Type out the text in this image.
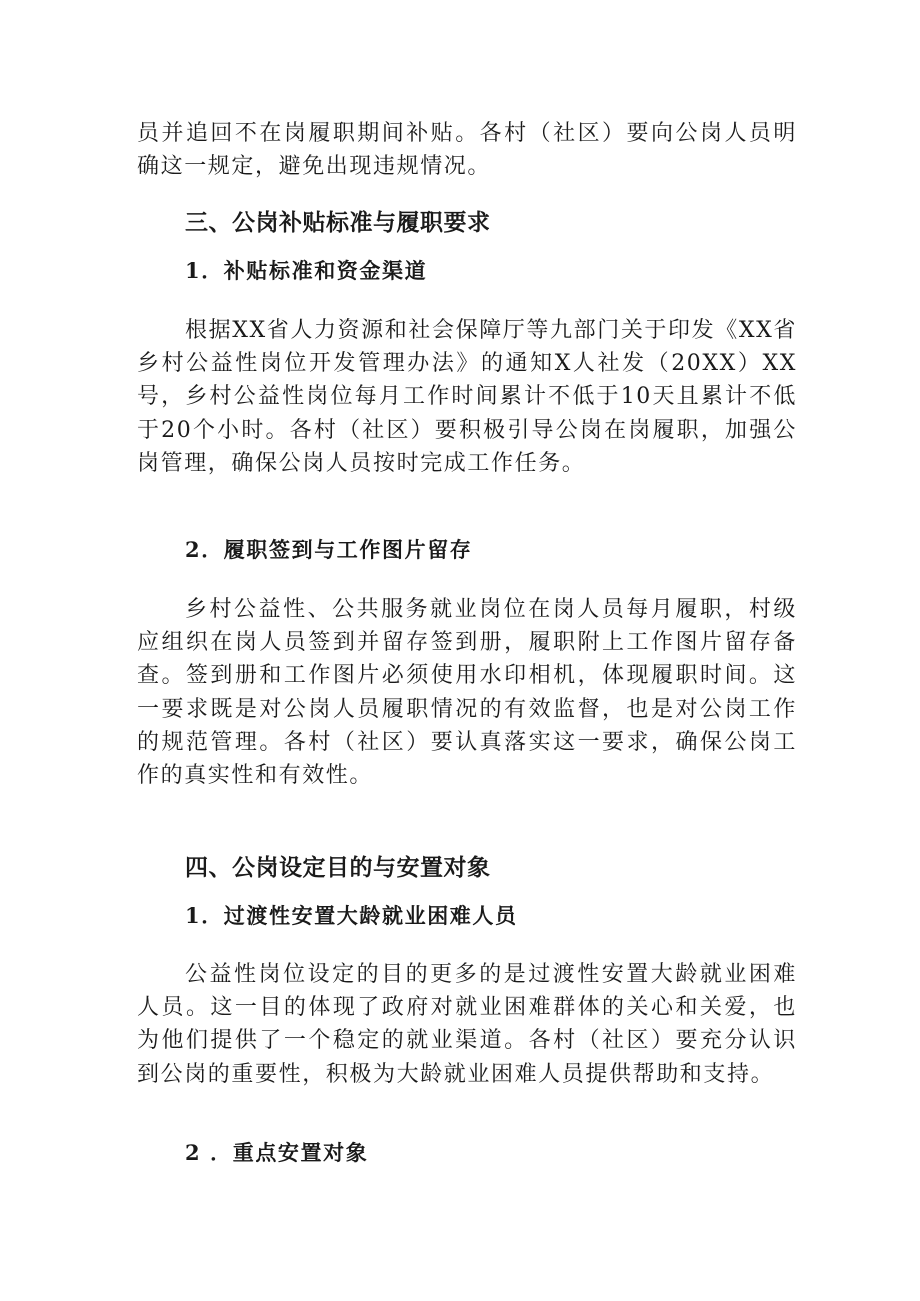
员并追回不在岗履职期间补贴。各村（社区）要向公岗人员明确这一规定，避免出现违规情况。

三、公岗补贴标准与履职要求
1．补贴标准和资金渠道

根据XX省人力资源和社会保障厅等九部门关于印发《XX省乡村公益性岗位开发管理办法》的通知X人社发（20XX）XX号，乡村公益性岗位每月工作时间累计不低于10天且累计不低于20个小时。各村（社区）要积极引导公岗在岗履职，加强公岗管理，确保公岗人员按时完成工作任务。

2．履职签到与工作图片留存

乡村公益性、公共服务就业岗位在岗人员每月履职，村级应组织在岗人员签到并留存签到册，履职附上工作图片留存备查。签到册和工作图片必须使用水印相机，体现履职时间。这一要求既是对公岗人员履职情况的有效监督，也是对公岗工作的规范管理。各村（社区）要认真落实这一要求，确保公岗工作的真实性和有效性。

四、公岗设定目的与安置对象
1．过渡性安置大龄就业困难人员

公益性岗位设定的目的更多的是过渡性安置大龄就业困难人员。这一目的体现了政府对就业困难群体的关心和关爱，也为他们提供了一个稳定的就业渠道。各村（社区）要充分认识到公岗的重要性，积极为大龄就业困难人员提供帮助和支持。

2 ．重点安置对象
